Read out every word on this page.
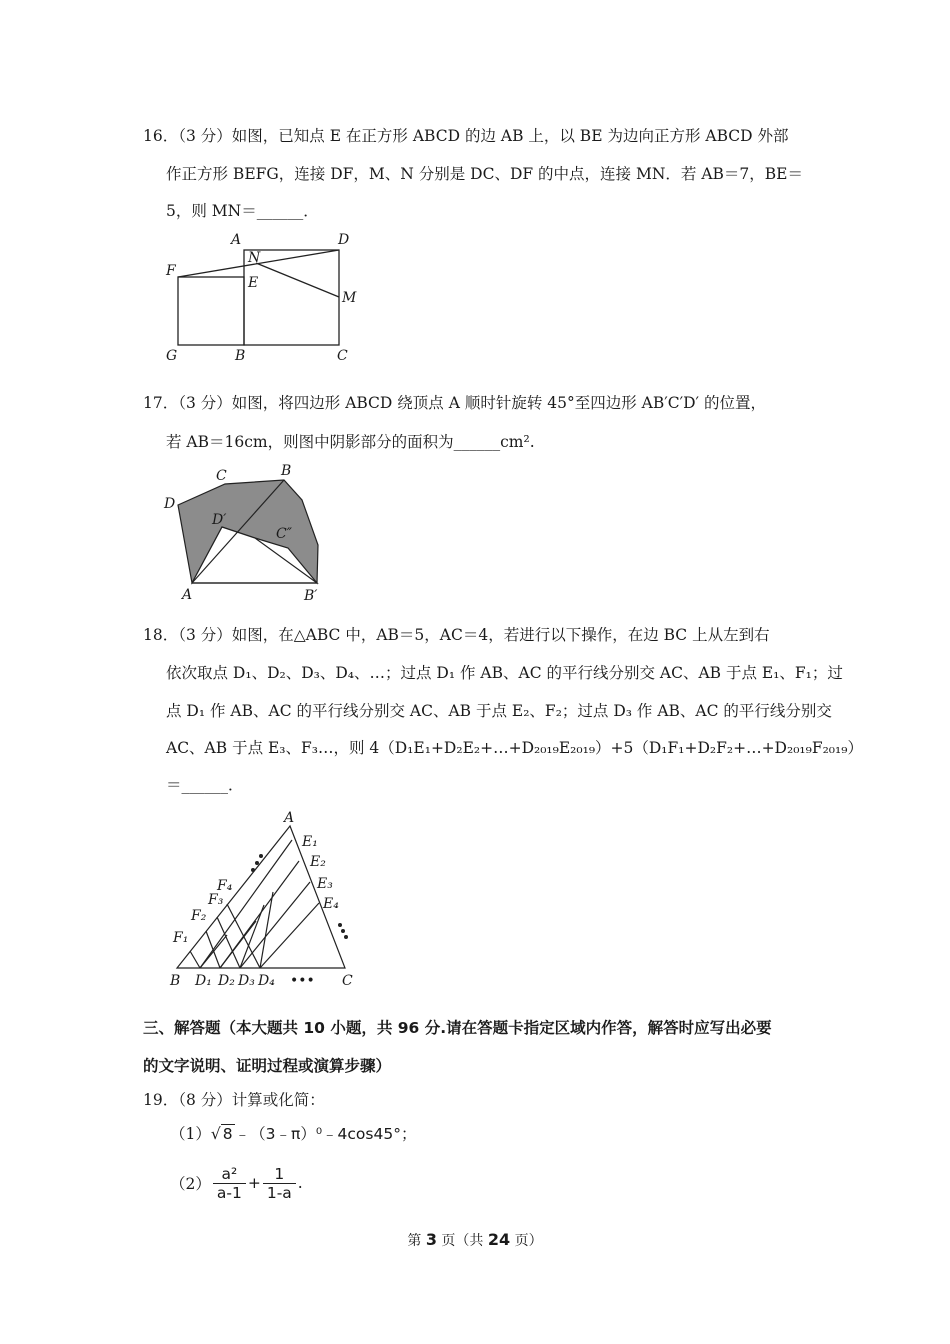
16．（3 分）如图，已知点 E 在正方形 ABCD 的边 AB 上，以 BE 为边向正方形 ABCD 外部
作正方形 BEFG，连接 DF，M、N 分别是 DC、DF 的中点，连接 MN．若 AB＝7，BE＝
5，则 MN＝______．
A	D
N
F
E
M
G	B	C
17．（3 分）如图，将四边形 ABCD 绕顶点 A 顺时针旋转 45°至四边形 AB′C′D′ 的位置，
若 AB＝16cm，则图中阴影部分的面积为______cm².
C	B
D
D′
C″
A	B′
18．（3 分）如图，在△ABC 中，AB＝5，AC＝4，若进行以下操作，在边 BC 上从左到右
依次取点 D₁、D₂、D₃、D₄、…；过点 D₁ 作 AB、AC 的平行线分别交 AC、AB 于点 E₁、F₁；过
点 D₁ 作 AB、AC 的平行线分别交 AC、AB 于点 E₂、F₂；过点 D₃ 作 AB、AC 的平行线分别交
AC、AB 于点 E₃、F₃…，则 4（D₁E₁+D₂E₂+…+D₂₀₁₉E₂₀₁₉）+5（D₁F₁+D₂F₂+…+D₂₀₁₉F₂₀₁₉）
＝______．
A
E₁
E₂
E₃
E₄
F₄
F₃
F₂
F₁
B D₁ D₂ D₃ D₄ ••• C
三、解答题（本大题共 10 小题，共 96 分.请在答题卡指定区域内作答，解答时应写出必要
的文字说明、证明过程或演算步骤）
19．（8 分）计算或化简：
（1）√ 8 ﹣（3﹣π）⁰﹣4cos45°；
$(2) \frac{\text{a²}}{a-1} + \frac{1}{1-a}$ .
第 3 页（共 24 页）
